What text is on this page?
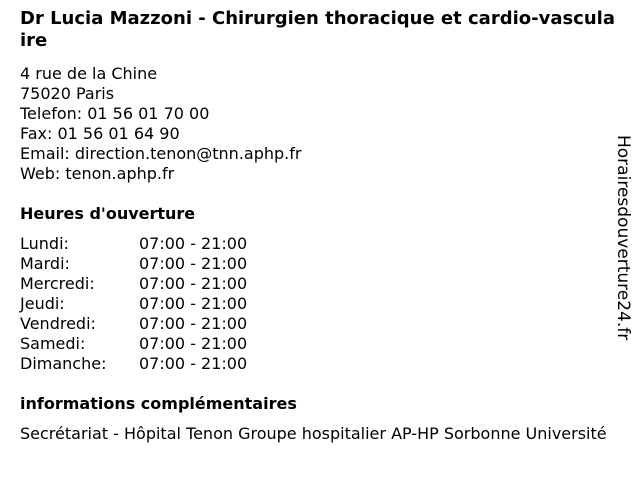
Dr Lucia Mazzoni - Chirurgien thoracique et cardio-vasculaire
4 rue de la Chine
75020 Paris
Telefon: 01 56 01 70 00
Fax: 01 56 01 64 90
Email: direction.tenon@tnn.aphp.fr
Web: tenon.aphp.fr
Heures d'ouverture
Lundi:	07:00 - 21:00
Mardi:	07:00 - 21:00
Mercredi:	07:00 - 21:00
Jeudi:	07:00 - 21:00
Vendredi:	07:00 - 21:00
Samedi:	07:00 - 21:00
Dimanche:	07:00 - 21:00
informations complémentaires
Secrétariat - Hôpital Tenon Groupe hospitalier AP-HP Sorbonne Université
Horairesdouverture24.fr
